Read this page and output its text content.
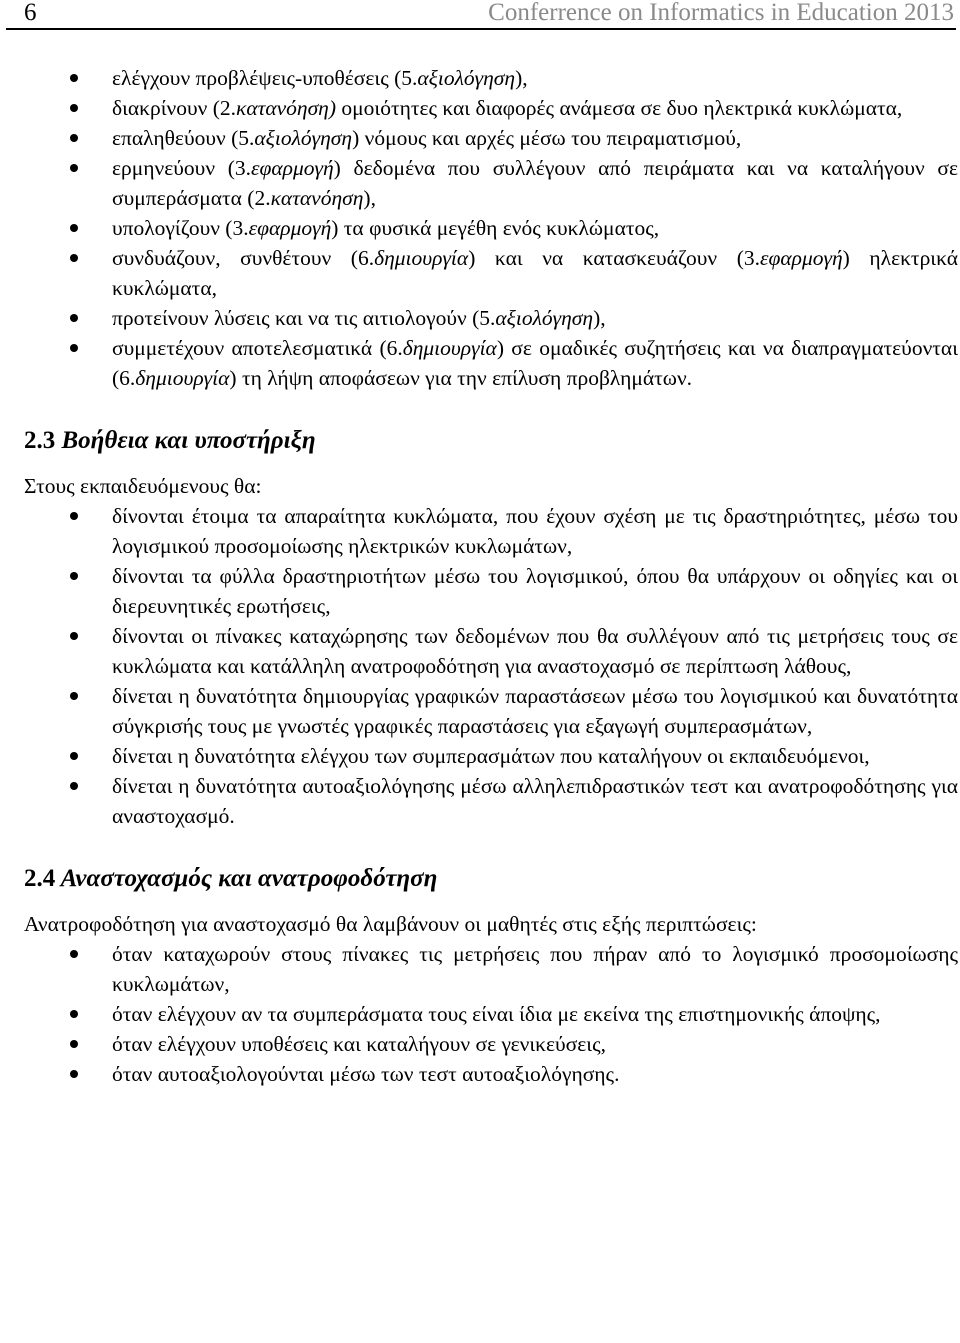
6	Conferrence on Informatics in Education 2013
ελέγχουν προβλέψεις-υποθέσεις (5.αξιολόγηση),
διακρίνουν (2.κατανόηση) ομοιότητες και διαφορές ανάμεσα σε δυο ηλεκτρικά κυκλώματα,
επαληθεύουν (5.αξιολόγηση) νόμους και αρχές μέσω του πειραματισμού,
ερμηνεύουν (3.εφαρμογή) δεδομένα που συλλέγουν από πειράματα και να καταλήγουν σε συμπεράσματα (2.κατανόηση),
υπολογίζουν (3.εφαρμογή) τα φυσικά μεγέθη ενός κυκλώματος,
συνδυάζουν, συνθέτουν (6.δημιουργία) και να κατασκευάζουν (3.εφαρμογή) ηλεκτρικά κυκλώματα,
προτείνουν λύσεις και να τις αιτιολογούν (5.αξιολόγηση),
συμμετέχουν αποτελεσματικά (6.δημιουργία) σε ομαδικές συζητήσεις και να διαπραγματεύονται (6.δημιουργία) τη λήψη αποφάσεων για την επίλυση προβλημάτων.
2.3 Βοήθεια και υποστήριξη

Στους εκπαιδευόμενους θα:

δίνονται έτοιμα τα απαραίτητα κυκλώματα, που έχουν σχέση με τις δραστηριότητες, μέσω του λογισμικού προσομοίωσης ηλεκτρικών κυκλωμάτων,
δίνονται τα φύλλα δραστηριοτήτων μέσω του λογισμικού, όπου θα υπάρχουν οι οδηγίες και οι διερευνητικές ερωτήσεις,
δίνονται οι πίνακες καταχώρησης των δεδομένων που θα συλλέγουν από τις μετρήσεις τους σε κυκλώματα και κατάλληλη ανατροφοδότηση για αναστοχασμό σε περίπτωση λάθους,
δίνεται η δυνατότητα δημιουργίας γραφικών παραστάσεων μέσω του λογισμικού και δυνατότητα σύγκρισής τους με γνωστές γραφικές παραστάσεις για εξαγωγή συμπερασμάτων,
δίνεται η δυνατότητα ελέγχου των συμπερασμάτων που καταλήγουν οι εκπαιδευόμενοι,
δίνεται η δυνατότητα αυτοαξιολόγησης μέσω αλληλεπιδραστικών τεστ και ανατροφοδότησης για αναστοχασμό.
2.4 Αναστοχασμός και ανατροφοδότηση

Ανατροφοδότηση για αναστοχασμό θα λαμβάνουν οι μαθητές στις εξής περιπτώσεις:

όταν καταχωρούν στους πίνακες τις μετρήσεις που πήραν από το λογισμικό προσομοίωσης κυκλωμάτων,
όταν ελέγχουν αν τα συμπεράσματα τους είναι ίδια με εκείνα της επιστημονικής άποψης,
όταν ελέγχουν υποθέσεις και καταλήγουν σε γενικεύσεις,
όταν αυτοαξιολογούνται μέσω των τεστ αυτοαξιολόγησης.
